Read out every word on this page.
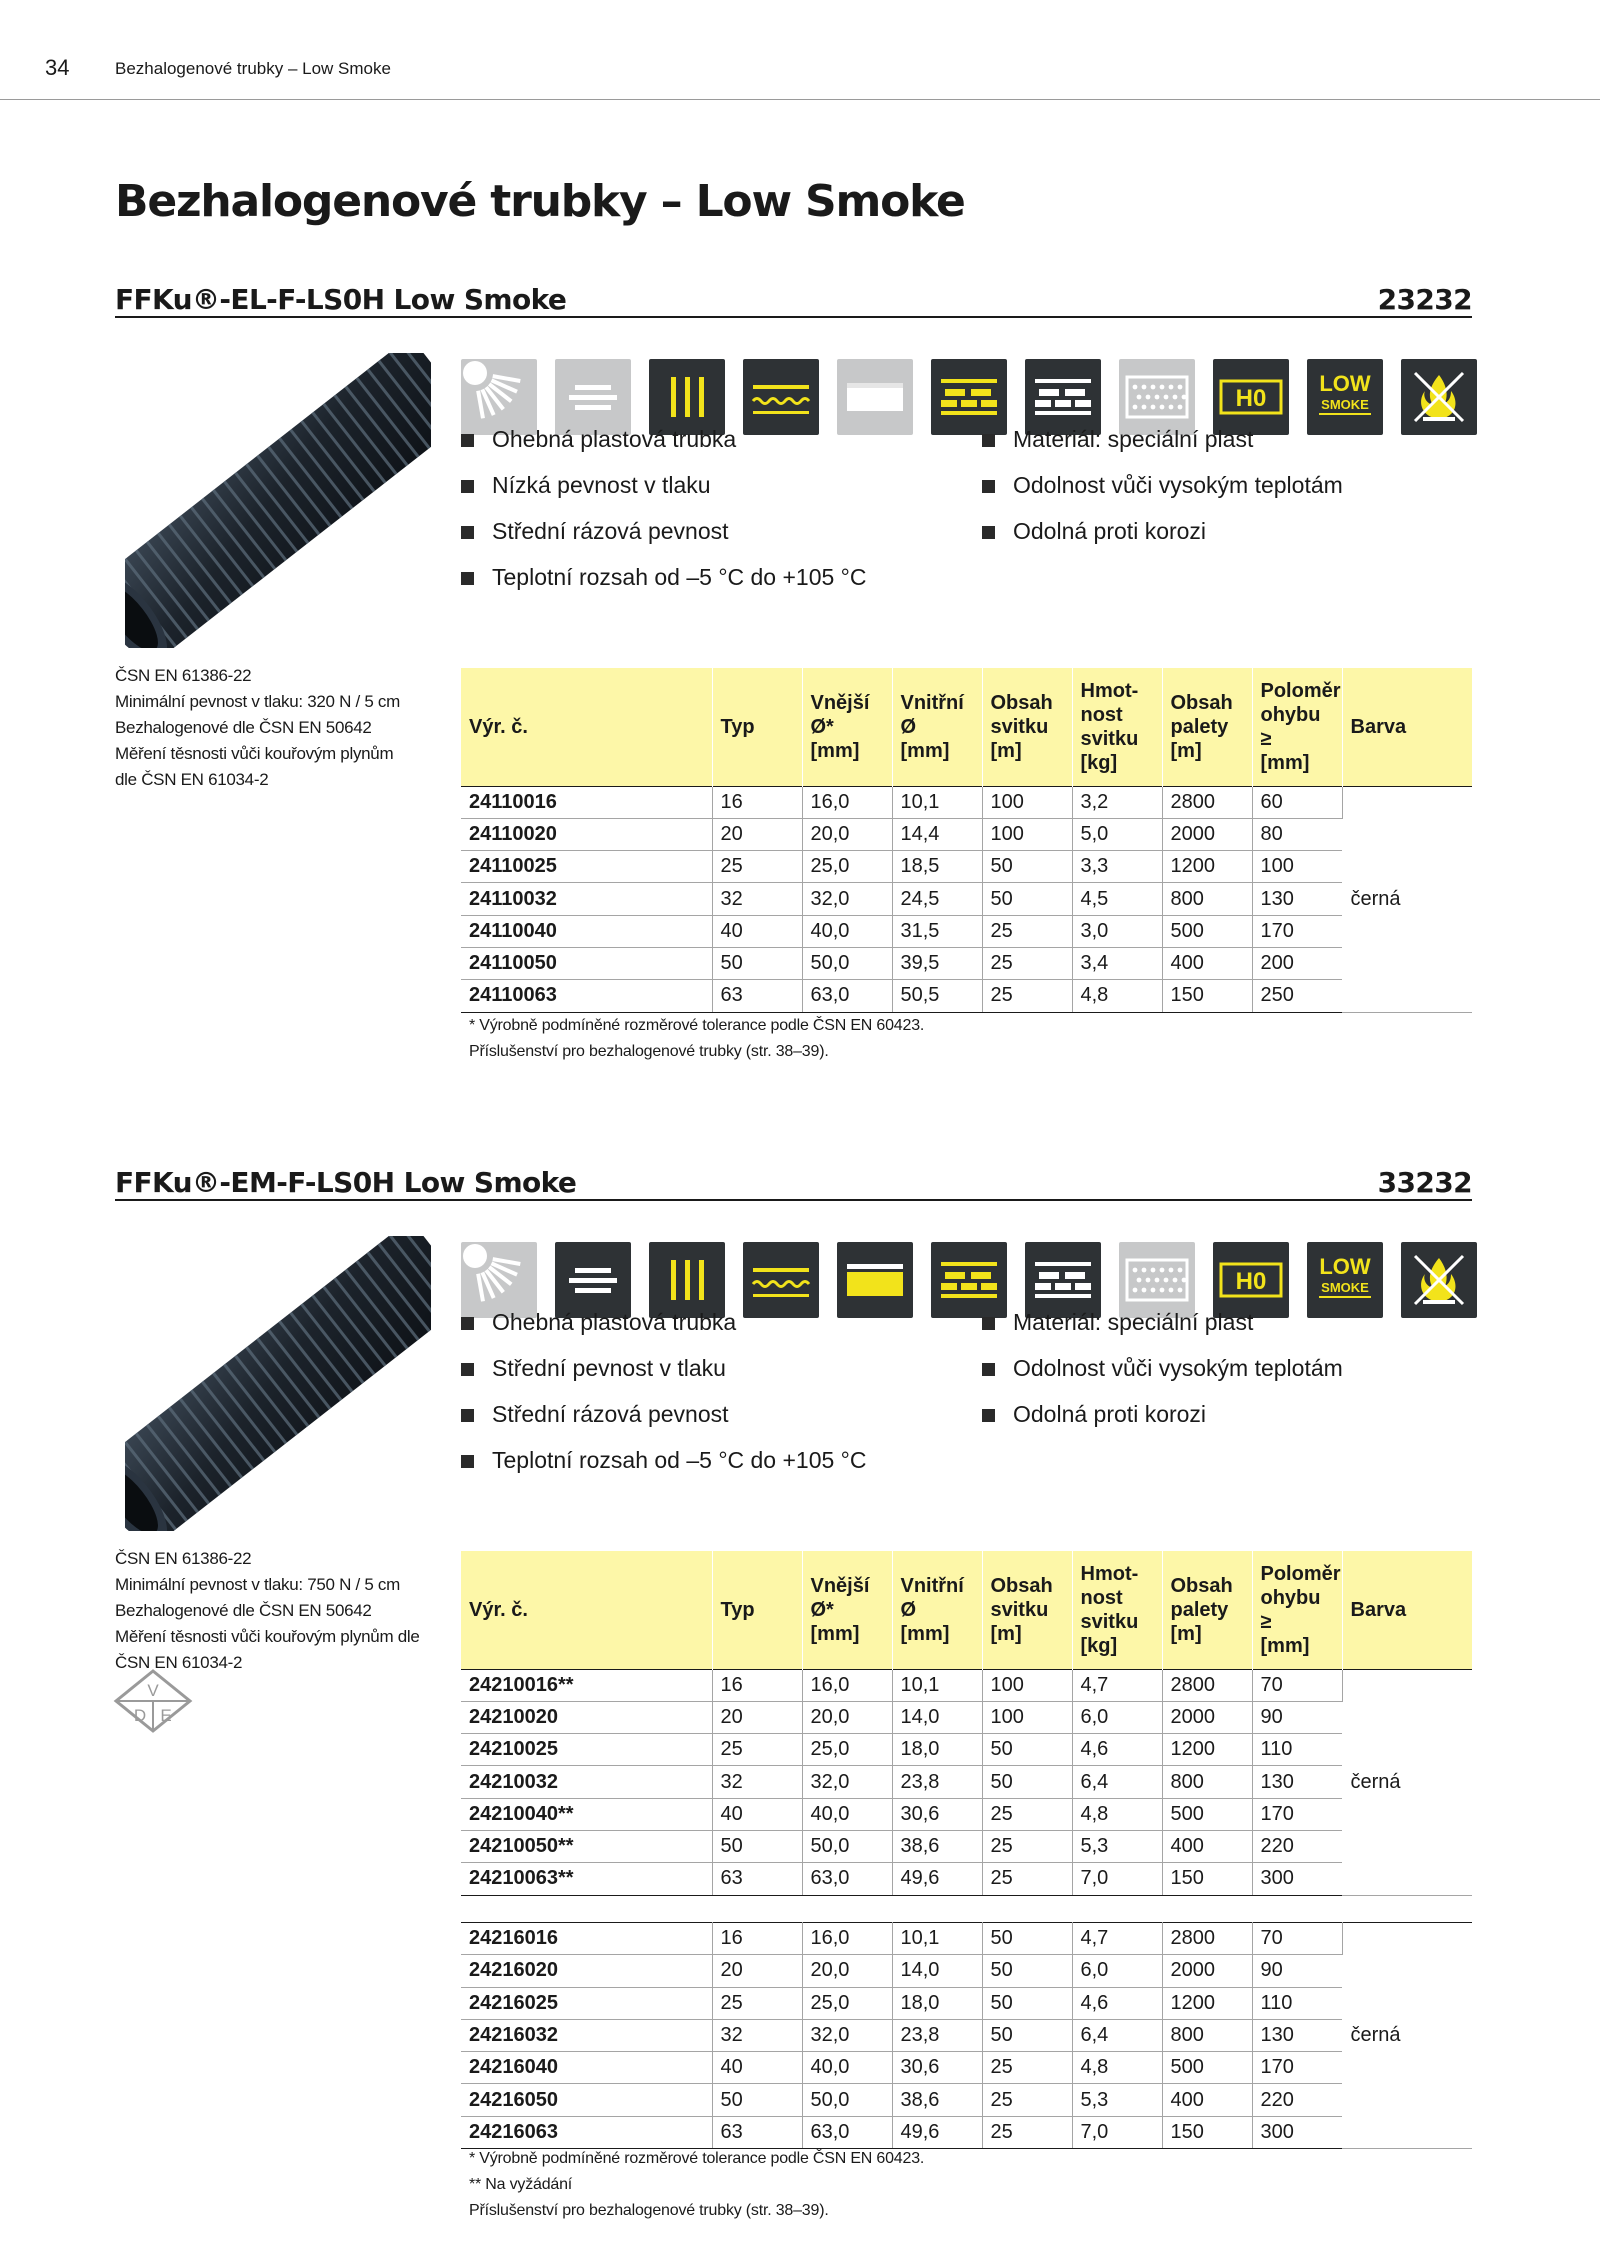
34	Bezhalogenové trubky – Low Smoke
Bezhalogenové trubky – Low Smoke
FFKu®-EL-F-LS0H Low Smoke	23232
H0
LOW
SMOKE
Ohebná plastová trubka
Nízká pevnost v tlaku
Střední rázová pevnost
Teplotní rozsah od –5 °C do +105 °C
Materiál: speciální plast
Odolnost vůči vysokým teplotám
Odolná proti korozi
ČSN EN 61386-22
Minimální pevnost v tlaku: 320 N / 5 cm
Bezhalogenové dle ČSN EN 50642
Měření těsnosti vůči kouřovým plynům
dle ČSN EN 61034-2
Výr. č.	Typ	Vnější
Ø*
[mm]	Vnitřní
Ø
[mm]	Obsah
svitku
[m]	Hmot-
nost
svitku
[kg]	Obsah
palety
[m]	Poloměr
ohybu ≥
[mm]	Barva
24110016	16	16,0	10,1	100	3,2	2800	60	černá
24110020	20	20,0	14,4	100	5,0	2000	80	
24110025	25	25,0	18,5	50	3,3	1200	100	
24110032	32	32,0	24,5	50	4,5	800	130	
24110040	40	40,0	31,5	25	3,0	500	170	
24110050	50	50,0	39,5	25	3,4	400	200	
24110063	63	63,0	50,5	25	4,8	150	250	
* Výrobně podmíněné rozměrové tolerance podle ČSN EN 60423.
Příslušenství pro bezhalogenové trubky (str. 38–39).
FFKu®-EM-F-LS0H Low Smoke	33232
H0
LOW
SMOKE
Ohebná plastová trubka
Střední pevnost v tlaku
Střední rázová pevnost
Teplotní rozsah od –5 °C do +105 °C
Materiál: speciální plast
Odolnost vůči vysokým teplotám
Odolná proti korozi
ČSN EN 61386-22
Minimální pevnost v tlaku: 750 N / 5 cm
Bezhalogenové dle ČSN EN 50642
Měření těsnosti vůči kouřovým plynům dle
ČSN EN 61034-2
V
D E
Výr. č.	Typ	Vnější
Ø*
[mm]	Vnitřní
Ø
[mm]	Obsah
svitku
[m]	Hmot-
nost
svitku
[kg]	Obsah
palety
[m]	Poloměr
ohybu ≥
[mm]	Barva
24210016**	16	16,0	10,1	100	4,7	2800	70	černá
24210020	20	20,0	14,0	100	6,0	2000	90	
24210025	25	25,0	18,0	50	4,6	1200	110	
24210032	32	32,0	23,8	50	6,4	800	130	
24210040**	40	40,0	30,6	25	4,8	500	170	
24210050**	50	50,0	38,6	25	5,3	400	220	
24210063**	63	63,0	49,6	25	7,0	150	300	
24216016	16	16,0	10,1	50	4,7	2800	70	černá
24216020	20	20,0	14,0	50	6,0	2000	90	
24216025	25	25,0	18,0	50	4,6	1200	110	
24216032	32	32,0	23,8	50	6,4	800	130	
24216040	40	40,0	30,6	25	4,8	500	170	
24216050	50	50,0	38,6	25	5,3	400	220	
24216063	63	63,0	49,6	25	7,0	150	300	
* Výrobně podmíněné rozměrové tolerance podle ČSN EN 60423.
** Na vyžádání
Příslušenství pro bezhalogenové trubky (str. 38–39).
